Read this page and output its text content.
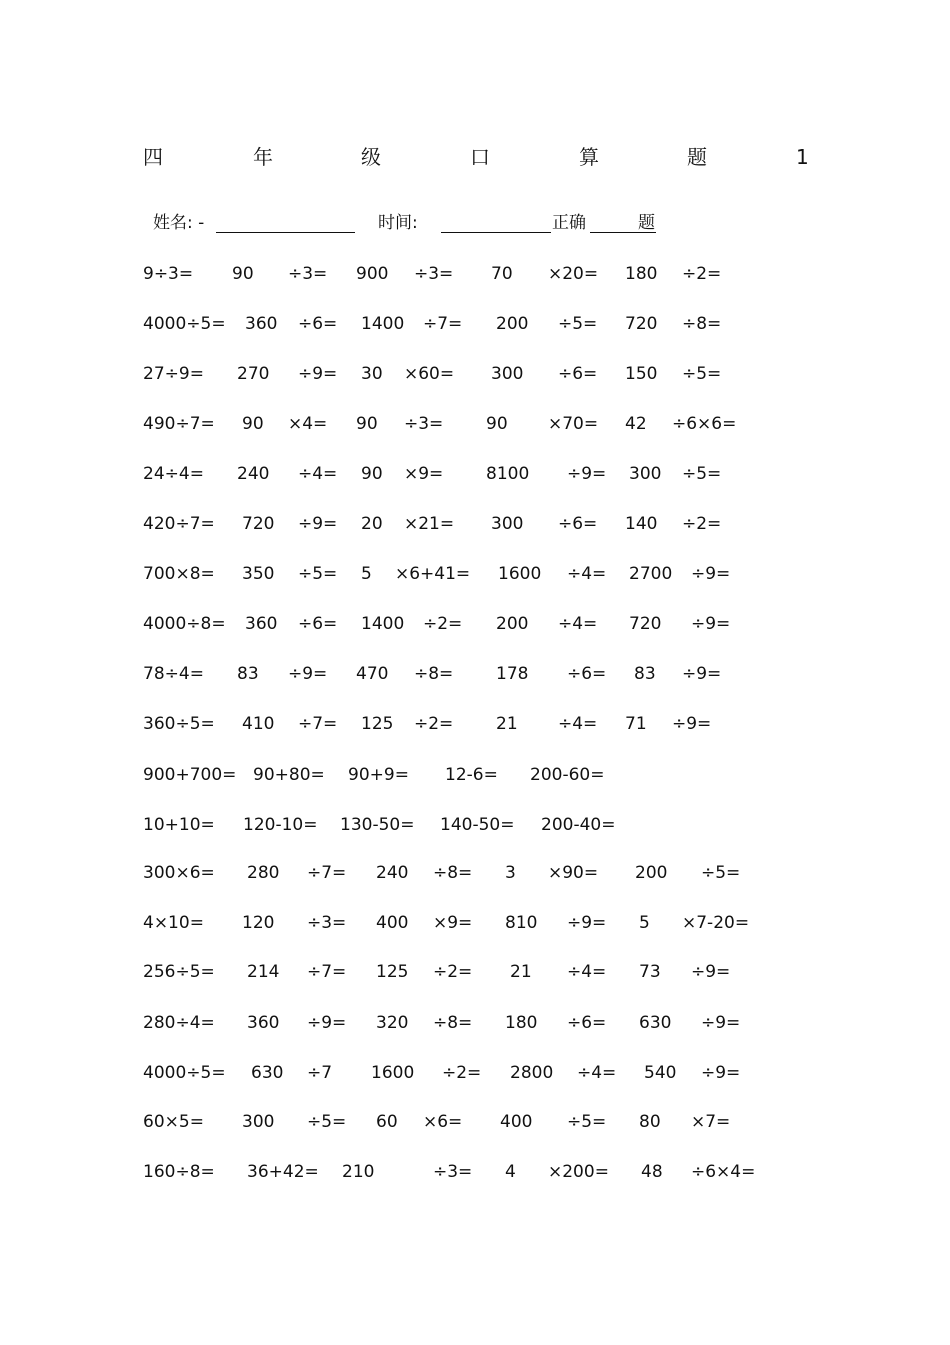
四	年	级	口	算	题	1
姓名: -	时间:	正确	题
9÷3= 90 ÷3= 900 ÷3= 70 ×20= 180 ÷2=
4000÷5= 360 ÷6= 1400 ÷7= 200 ÷5= 720 ÷8=
27÷9= 270 ÷9= 30 ×60= 300 ÷6= 150 ÷5=
490÷7= 90 ×4= 90 ÷3=	90 ×70= 42 ÷6×6=
24÷4= 240 ÷4= 90 ×9=	8100 ÷9= 300 ÷5=
420÷7= 720 ÷9= 20 ×21= 300 ÷6= 140 ÷2=
700×8= 350 ÷5= 5 ×6+41= 1600 ÷4= 2700 ÷9=
4000÷8= 360 ÷6= 1400 ÷2= 200 ÷4= 720 ÷9=
78÷4= 83 ÷9= 470 ÷8=	178 ÷6= 83 ÷9=
360÷5= 410 ÷7= 125 ÷2=	21 ÷4= 71 ÷9=
900+700= 90+80= 90+9= 12-6= 200-60=
10+10= 120-10= 130-50= 140-50= 200-40=
300×6= 280 ÷7= 240 ÷8= 3 ×90= 200 ÷5=
4×10= 120 ÷3= 400 ×9= 810 ÷9= 5 ×7-20=
256÷5= 214 ÷7= 125 ÷2= 21 ÷4= 73 ÷9=
280÷4= 360 ÷9= 320 ÷8= 180 ÷6= 630 ÷9=
4000÷5= 630 ÷7 1600 ÷2= 2800 ÷4= 540 ÷9=
60×5= 300 ÷5= 60 ×6= 400 ÷5= 80 ×7=
160÷8= 36+42= 210	÷3= 4 ×200= 48 ÷6×4=
